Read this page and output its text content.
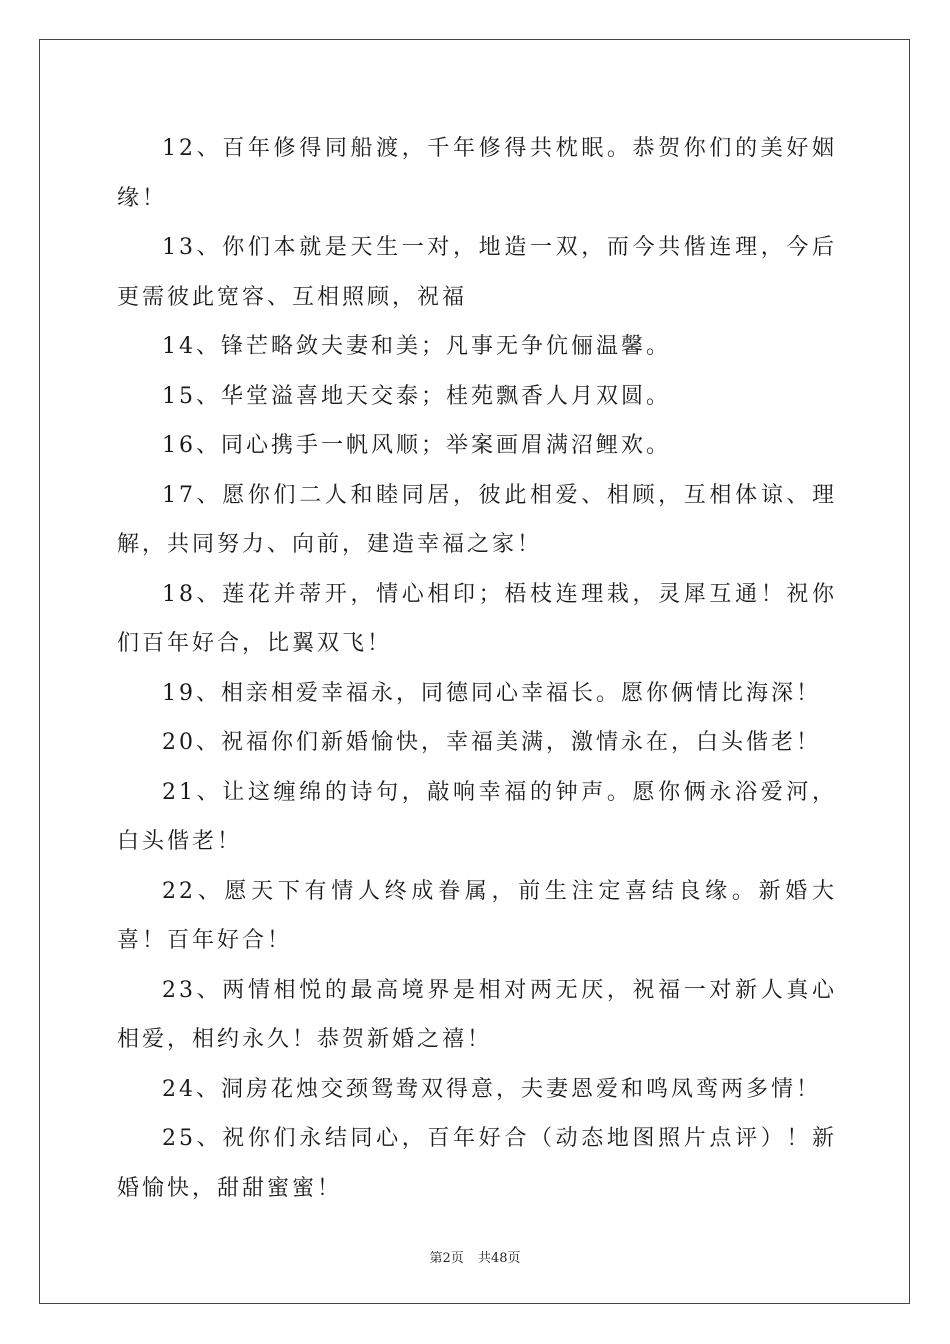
12、百年修得同船渡，千年修得共枕眠。恭贺你们的美好姻缘！

13、你们本就是天生一对，地造一双，而今共偕连理，今后更需彼此宽容、互相照顾，祝福

14、锋芒略敛夫妻和美；凡事无争伉俪温馨。

15、华堂溢喜地天交泰；桂苑飘香人月双圆。

16、同心携手一帆风顺；举案画眉满沼鲤欢。

17、愿你们二人和睦同居，彼此相爱、相顾，互相体谅、理解，共同努力、向前，建造幸福之家！

18、莲花并蒂开，情心相印；梧枝连理栽，灵犀互通！祝你们百年好合，比翼双飞！

19、相亲相爱幸福永，同德同心幸福长。愿你俩情比海深！

20、祝福你们新婚愉快，幸福美满，激情永在，白头偕老！

21、让这缠绵的诗句，敲响幸福的钟声。愿你俩永浴爱河，白头偕老！

22、愿天下有情人终成眷属，前生注定喜结良缘。新婚大喜！百年好合！

23、两情相悦的最高境界是相对两无厌，祝福一对新人真心相爱，相约永久！恭贺新婚之禧！

24、洞房花烛交颈鸳鸯双得意，夫妻恩爱和鸣凤鸾两多情！

25、祝你们永结同心，百年好合（动态地图照片点评）！新婚愉快，甜甜蜜蜜！

第2页 共48页
